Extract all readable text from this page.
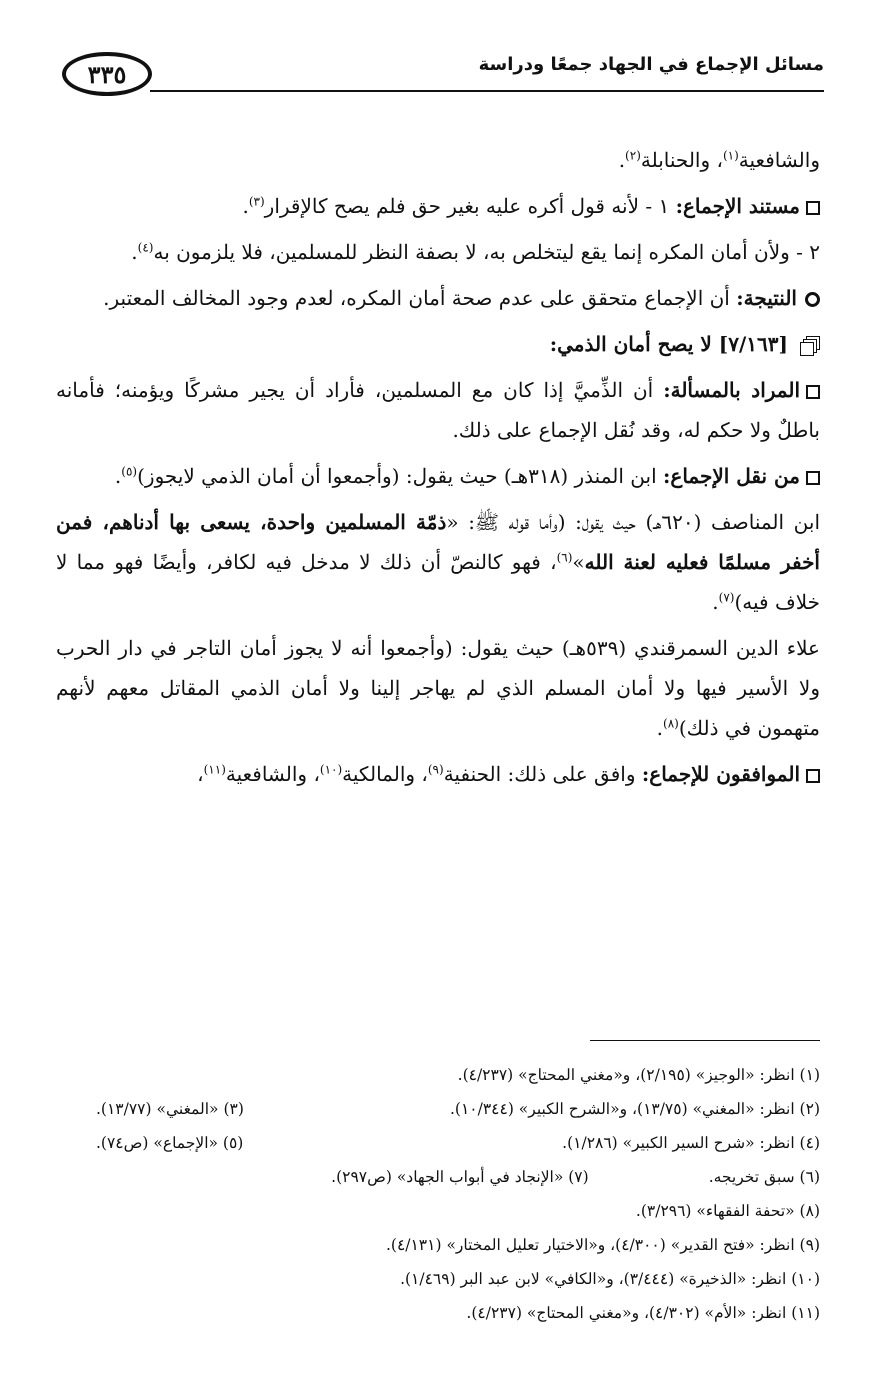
٣٣٥	مسائل الإجماع في الجهاد جمعًا ودراسة

والشافعية$^{(١)}$، والحنابلة$^{(٢)}$.

مستند الإجماع: ١ - لأنه قول أكره عليه بغير حق فلم يصح كالإقرار$^{(٣)}$.

٢ - ولأن أمان المكره إنما يقع ليتخلص به، لا بصفة النظر للمسلمين، فلا يلزمون به$^{(٤)}$.

النتيجة: أن الإجماع متحقق على عدم صحة أمان المكره، لعدم وجود المخالف المعتبر.

[٧/١٦٣] لا يصح أمان الذمي:

المراد بالمسألة: أن الذِّميَّ إذا كان مع المسلمين، فأراد أن يجير مشركًا ويؤمنه؛ فأمانه باطلٌ ولا حكم له، وقد نُقل الإجماع على ذلك.

من نقل الإجماع: ابن المنذر (٣١٨هـ) حيث يقول: (وأجمعوا أن أمان الذمي لايجوز)$^{(٥)}$.

ابن المناصف (٦٢٠هـ) حيث يقول: (وأما قوله ﷺ: «ذمّة المسلمين واحدة، يسعى بها أدناهم، فمن أخفر مسلمًا فعليه لعنة الله»$^{(٦)}$، فهو كالنصّ أن ذلك لا مدخل فيه لكافر، وأيضًا فهو مما لا خلاف فيه)$^{(٧)}$.

علاء الدين السمرقندي (٥٣٩هـ) حيث يقول: (وأجمعوا أنه لا يجوز أمان التاجر في دار الحرب ولا الأسير فيها ولا أمان المسلم الذي لم يهاجر إلينا ولا أمان الذمي المقاتل معهم لأنهم متهمون في ذلك)$^{(٨)}$.

الموافقون للإجماع: وافق على ذلك: الحنفية$^{(٩)}$، والمالكية$^{(١٠)}$، والشافعية$^{(١١)}$،

(١) انظر: «الوجيز» (٢/١٩٥)، و«مغني المحتاج» (٤/٢٣٧).
(٢) انظر: «المغني» (١٣/٧٥)، و«الشرح الكبير» (١٠/٣٤٤).
(٣) «المغني» (١٣/٧٧).
(٤) انظر: «شرح السير الكبير» (١/٢٨٦).
(٥) «الإجماع» (ص٧٤).
(٦) سبق تخريجه.
(٧) «الإنجاد في أبواب الجهاد» (ص٢٩٧).
(٨) «تحفة الفقهاء» (٣/٢٩٦).
(٩) انظر: «فتح القدير» (٤/٣٠٠)، و«الاختيار تعليل المختار» (٤/١٣١).
(١٠) انظر: «الذخيرة» (٣/٤٤٤)، و«الكافي» لابن عبد البر (١/٤٦٩).
(١١) انظر: «الأم» (٤/٣٠٢)، و«مغني المحتاج» (٤/٢٣٧).
